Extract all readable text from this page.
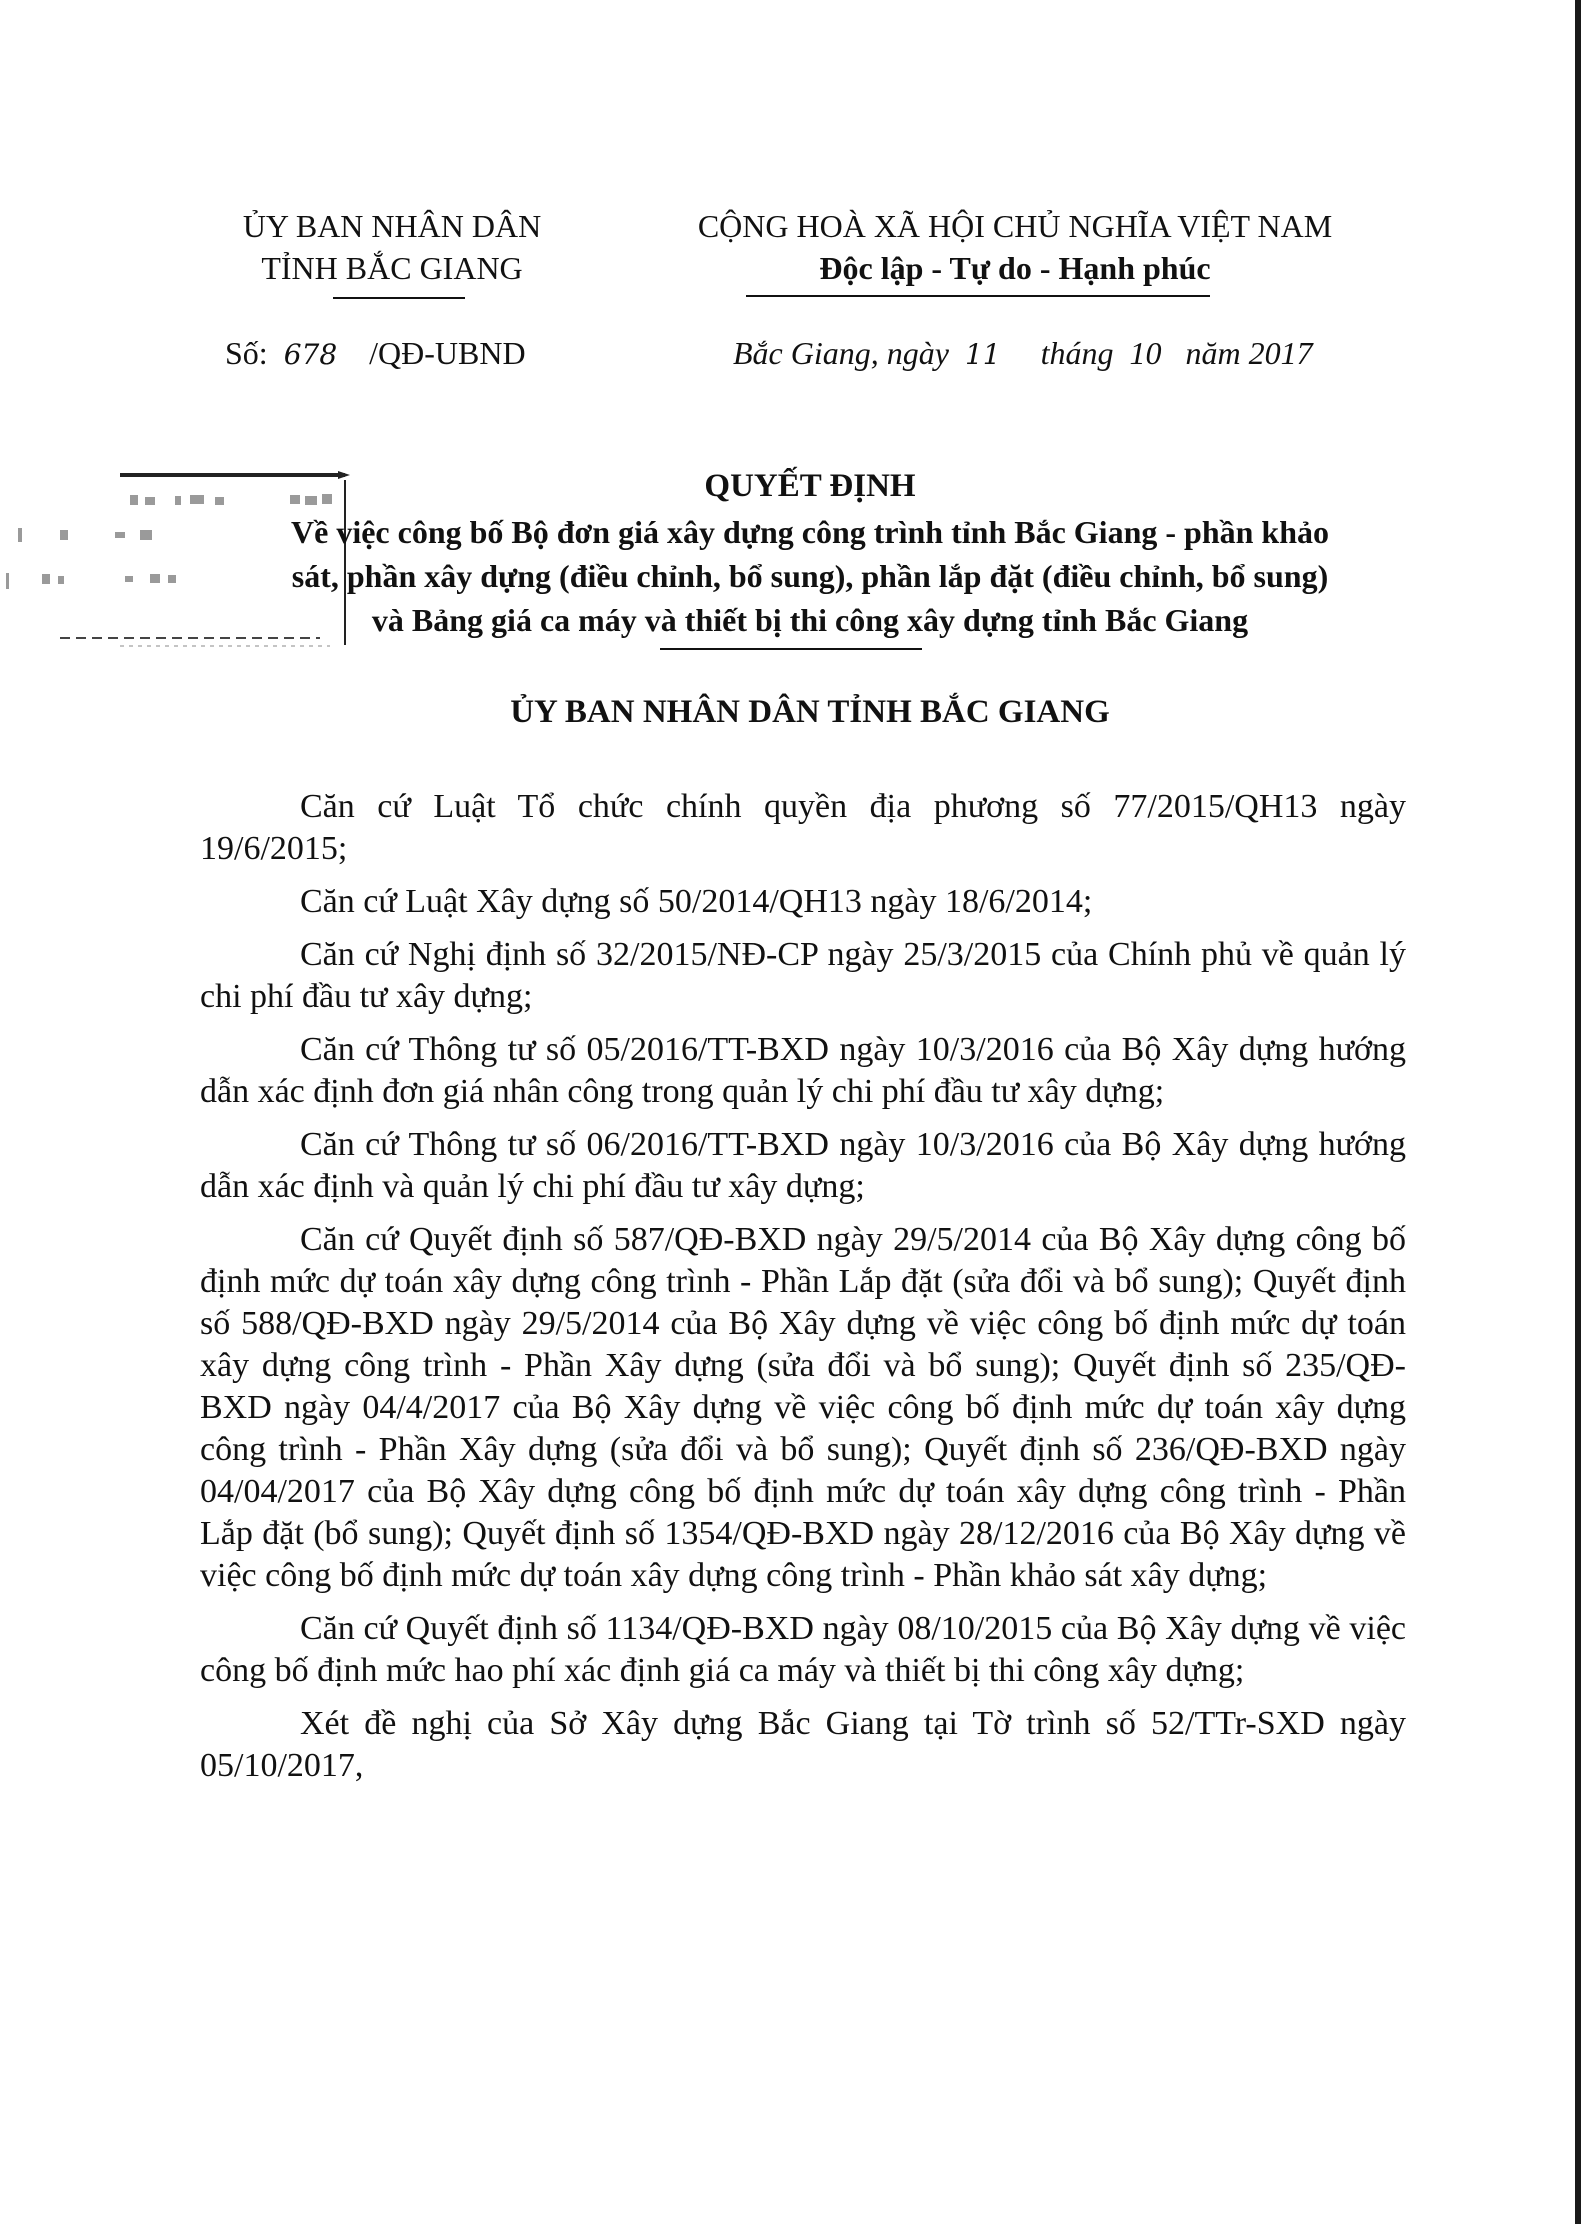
ỦY BAN NHÂN DÂN
TỈNH BẮC GIANG
CỘNG HOÀ XÃ HỘI CHỦ NGHĨA VIỆT NAM
Độc lập - Tự do - Hạnh phúc
Số: 678 /QĐ-UBND	Bắc Giang, ngày 11 tháng 10 năm 2017
QUYẾT ĐỊNH
Về việc công bố Bộ đơn giá xây dựng công trình tỉnh Bắc Giang - phần khảo
sát, phần xây dựng (điều chỉnh, bổ sung), phần lắp đặt (điều chỉnh, bổ sung)
và Bảng giá ca máy và thiết bị thi công xây dựng tỉnh Bắc Giang
ỦY BAN NHÂN DÂN TỈNH BẮC GIANG

Căn cứ Luật Tổ chức chính quyền địa phương số 77/2015/QH13 ngày 19/6/2015;

Căn cứ Luật Xây dựng số 50/2014/QH13 ngày 18/6/2014;

Căn cứ Nghị định số 32/2015/NĐ-CP ngày 25/3/2015 của Chính phủ về quản lý chi phí đầu tư xây dựng;

Căn cứ Thông tư số 05/2016/TT-BXD ngày 10/3/2016 của Bộ Xây dựng hướng dẫn xác định đơn giá nhân công trong quản lý chi phí đầu tư xây dựng;

Căn cứ Thông tư số 06/2016/TT-BXD ngày 10/3/2016 của Bộ Xây dựng hướng dẫn xác định và quản lý chi phí đầu tư xây dựng;

Căn cứ Quyết định số 587/QĐ-BXD ngày 29/5/2014 của Bộ Xây dựng công bố định mức dự toán xây dựng công trình - Phần Lắp đặt (sửa đổi và bổ sung); Quyết định số 588/QĐ-BXD ngày 29/5/2014 của Bộ Xây dựng về việc công bố định mức dự toán xây dựng công trình - Phần Xây dựng (sửa đổi và bổ sung); Quyết định số 235/QĐ-BXD ngày 04/4/2017 của Bộ Xây dựng về việc công bố định mức dự toán xây dựng công trình - Phần Xây dựng (sửa đổi và bổ sung); Quyết định số 236/QĐ-BXD ngày 04/04/2017 của Bộ Xây dựng công bố định mức dự toán xây dựng công trình - Phần Lắp đặt (bổ sung); Quyết định số 1354/QĐ-BXD ngày 28/12/2016 của Bộ Xây dựng về việc công bố định mức dự toán xây dựng công trình - Phần khảo sát xây dựng;

Căn cứ Quyết định số 1134/QĐ-BXD ngày 08/10/2015 của Bộ Xây dựng về việc công bố định mức hao phí xác định giá ca máy và thiết bị thi công xây dựng;

Xét đề nghị của Sở Xây dựng Bắc Giang tại Tờ trình số 52/TTr-SXD ngày 05/10/2017,
